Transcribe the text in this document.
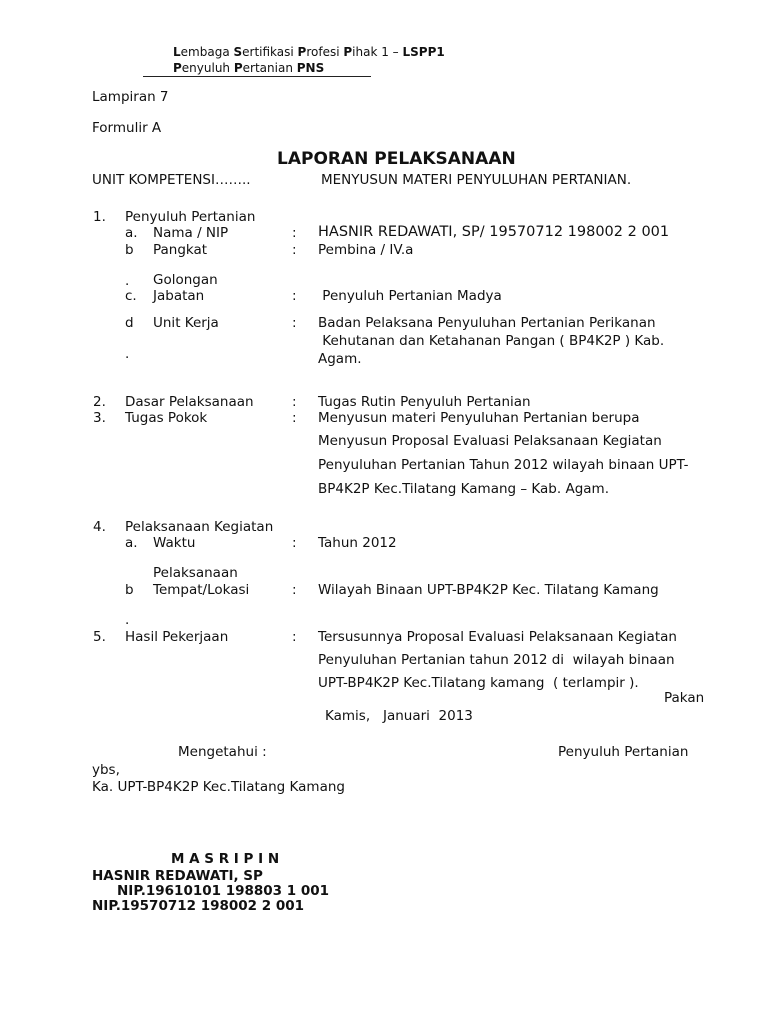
Lembaga Sertifikasi Profesi Pihak 1 – LSPP1
Penyuluh Pertanian PNS
Lampiran 7
Formulir A
LAPORAN PELAKSANAAN
UNIT KOMPETENSI……..	MENYUSUN MATERI PENYULUHAN PERTANIAN.
1. Penyuluh Pertanian
a. Nama / NIP	: HASNIR REDAWATI, SP/ 19570712 198002 2 001
b Pangkat	: Pembina / IV.a
. Golongan
c. Jabatan	: Penyuluh Pertanian Madya
d Unit Kerja	: Badan Pelaksana Penyuluhan Pertanian Perikanan
Kehutanan dan Ketahanan Pangan ( BP4K2P ) Kab.
Agam.
.
2. Dasar Pelaksanaan	: Tugas Rutin Penyuluh Pertanian
3. Tugas Pokok	: Menyusun materi Penyuluhan Pertanian berupa
Menyusun Proposal Evaluasi Pelaksanaan Kegiatan
Penyuluhan Pertanian Tahun 2012 wilayah binaan UPT-
BP4K2P Kec.Tilatang Kamang – Kab. Agam.
4. Pelaksanaan Kegiatan
a. Waktu	: Tahun 2012
Pelaksanaan
b Tempat/Lokasi	: Wilayah Binaan UPT-BP4K2P Kec. Tilatang Kamang
.
5. Hasil Pekerjaan	: Tersusunnya Proposal Evaluasi Pelaksanaan Kegiatan
Penyuluhan Pertanian tahun 2012 di  wilayah binaan
UPT-BP4K2P Kec.Tilatang kamang  ( terlampir ).
Pakan
Kamis,   Januari  2013
Mengetahui :	Penyuluh Pertanian
ybs,
Ka. UPT-BP4K2P Kec.Tilatang Kamang
M A S R I P I N
HASNIR REDAWATI, SP
NIP.19610101 198803 1 001
NIP.19570712 198002 2 001
